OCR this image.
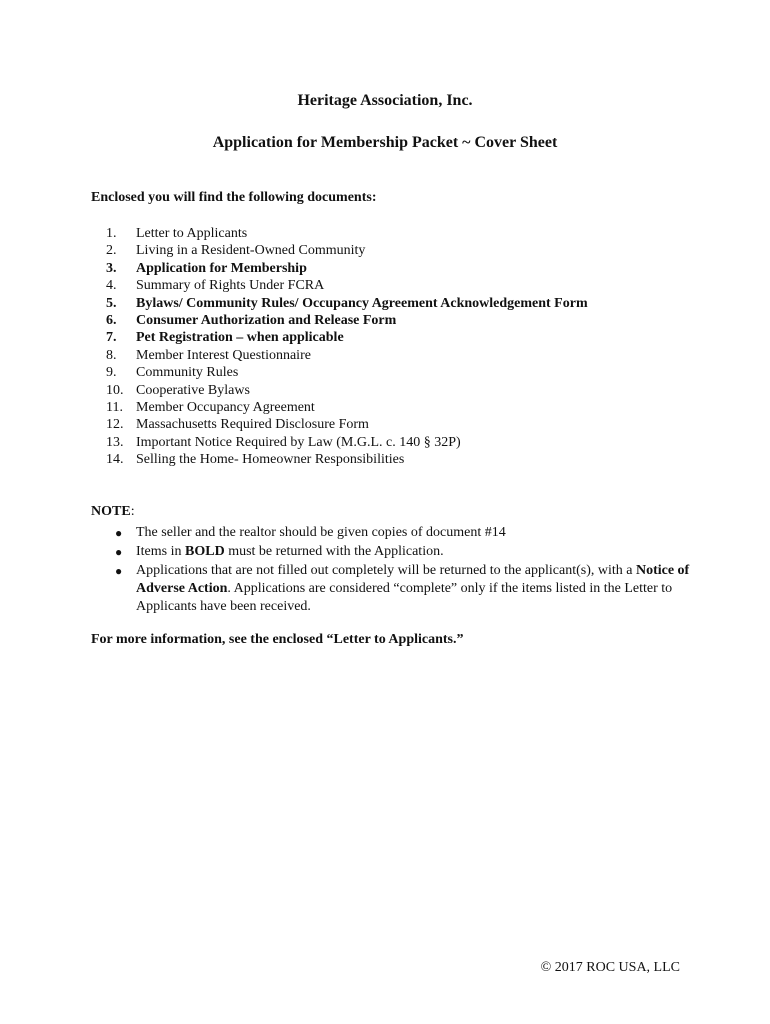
Heritage Association, Inc.

Application for Membership Packet ~ Cover Sheet

Enclosed you will find the following documents:

1. Letter to Applicants
2. Living in a Resident-Owned Community
3. Application for Membership
4. Summary of Rights Under FCRA
5. Bylaws/ Community Rules/ Occupancy Agreement Acknowledgement Form
6. Consumer Authorization and Release Form
7. Pet Registration – when applicable
8. Member Interest Questionnaire
9. Community Rules
10. Cooperative Bylaws
11. Member Occupancy Agreement
12. Massachusetts Required Disclosure Form
13. Important Notice Required by Law (M.G.L. c. 140 § 32P)
14. Selling the Home- Homeowner Responsibilities

NOTE:

● The seller and the realtor should be given copies of document #14
● Items in BOLD must be returned with the Application.
● Applications that are not filled out completely will be returned to the applicant(s), with a Notice of Adverse Action. Applications are considered “complete” only if the items listed in the Letter to Applicants have been received.

For more information, see the enclosed “Letter to Applicants.”

© 2017 ROC USA, LLC
